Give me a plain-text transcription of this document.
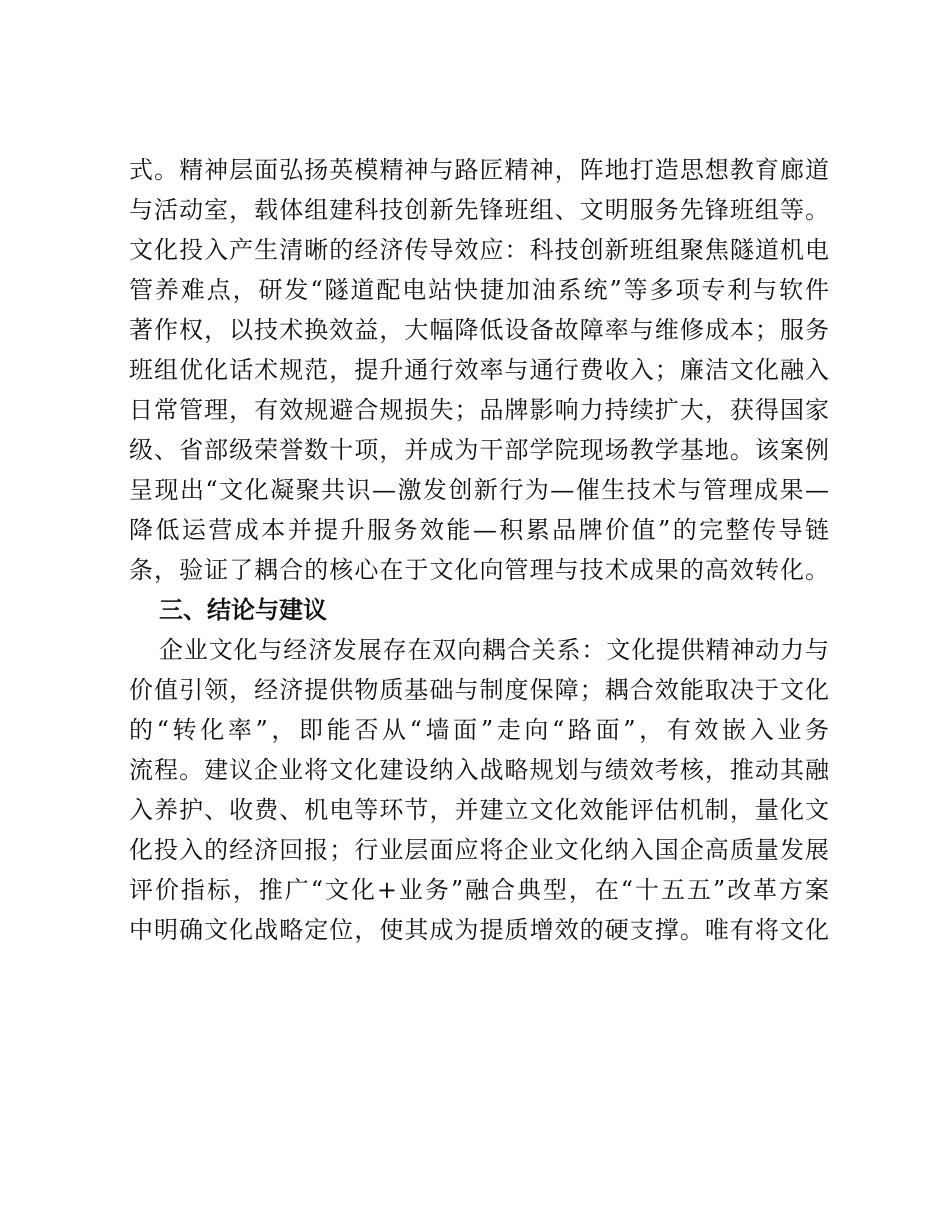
式。精神层面弘扬英模精神与路匠精神，阵地打造思想教育廊道
与活动室，载体组建科技创新先锋班组、文明服务先锋班组等。
文化投入产生清晰的经济传导效应：科技创新班组聚焦隧道机电
管养难点，研发“隧道配电站快捷加油系统”等多项专利与软件
著作权，以技术换效益，大幅降低设备故障率与维修成本；服务
班组优化话术规范，提升通行效率与通行费收入；廉洁文化融入
日常管理，有效规避合规损失；品牌影响力持续扩大，获得国家
级、省部级荣誉数十项，并成为干部学院现场教学基地。该案例
呈现出“文化凝聚共识—激发创新行为—催生技术与管理成果—
降低运营成本并提升服务效能—积累品牌价值”的完整传导链
条，验证了耦合的核心在于文化向管理与技术成果的高效转化。
三、结论与建议
企业文化与经济发展存在双向耦合关系：文化提供精神动力与
价值引领，经济提供物质基础与制度保障；耦合效能取决于文化
的“转化率”，即能否从“墙面”走向“路面”，有效嵌入业务
流程。建议企业将文化建设纳入战略规划与绩效考核，推动其融
入养护、收费、机电等环节，并建立文化效能评估机制，量化文
化投入的经济回报；行业层面应将企业文化纳入国企高质量发展
评价指标，推广“文化+业务”融合典型，在“十五五”改革方案
中明确文化战略定位，使其成为提质增效的硬支撑。唯有将文化
